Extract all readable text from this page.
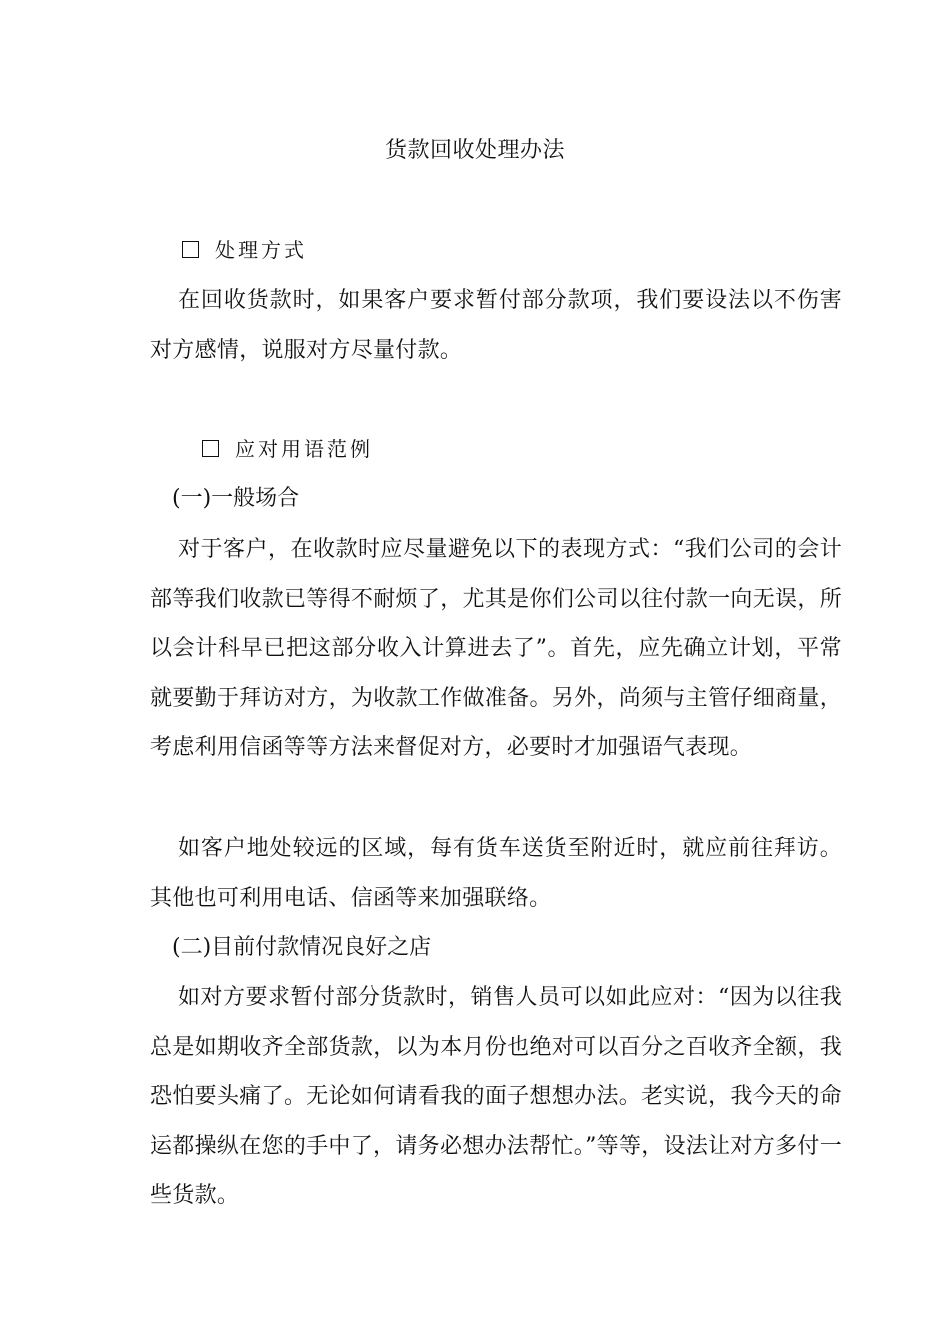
货款回收处理办法
处理方式
在回收货款时，如果客户要求暂付部分款项，我们要设法以不伤害对方感情，说服对方尽量付款。
应对用语范例
(一)一般场合
对于客户，在收款时应尽量避免以下的表现方式：“我们公司的会计部等我们收款已等得不耐烦了，尤其是你们公司以往付款一向无误，所以会计科早已把这部分收入计算进去了”。首先，应先确立计划，平常就要勤于拜访对方，为收款工作做准备。另外，尚须与主管仔细商量，考虑利用信函等等方法来督促对方，必要时才加强语气表现。
如客户地处较远的区域，每有货车送货至附近时，就应前往拜访。其他也可利用电话、信函等来加强联络。
(二)目前付款情况良好之店
如对方要求暂付部分货款时，销售人员可以如此应对：“因为以往我总是如期收齐全部货款，以为本月份也绝对可以百分之百收齐全额，我恐怕要头痛了。无论如何请看我的面子想想办法。老实说，我今天的命运都操纵在您的手中了，请务必想办法帮忙。”等等，设法让对方多付一些货款。
